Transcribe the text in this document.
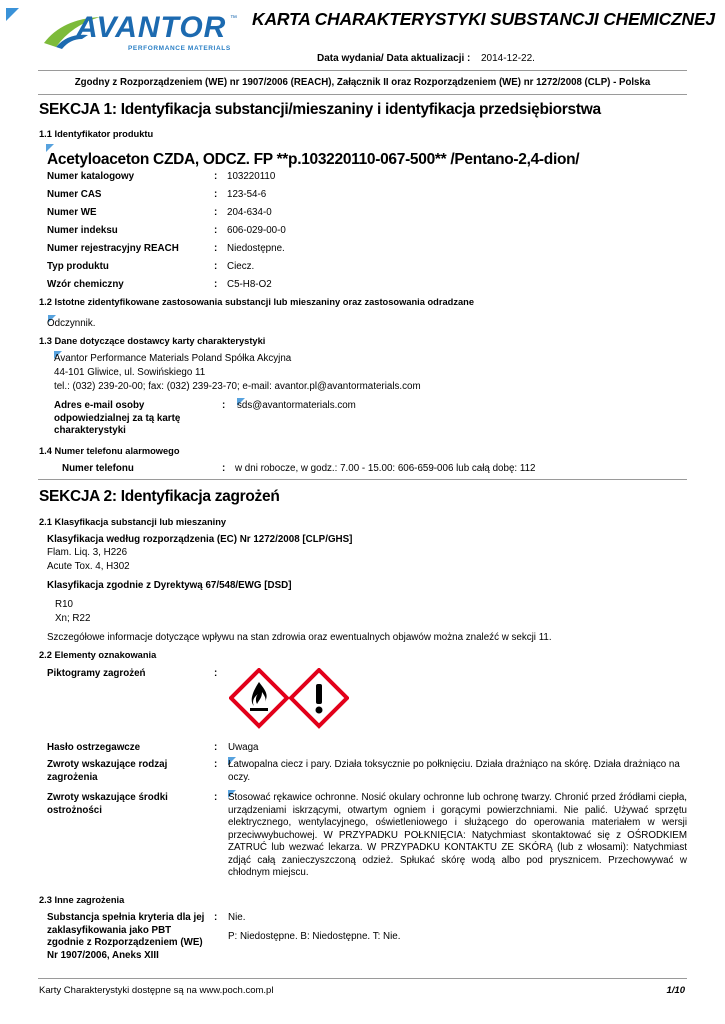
AVANTOR ™
PERFORMANCE MATERIALS
KARTA CHARAKTERYSTYKI SUBSTANCJI CHEMICZNEJ
Data wydania/ Data aktualizacji : 2014-12-22.
Zgodny z Rozporządzeniem (WE) nr 1907/2006 (REACH), Załącznik II oraz Rozporządzeniem (WE) nr 1272/2008 (CLP) - Polska
SEKCJA 1: Identyfikacja substancji/mieszaniny i identyfikacja przedsiębiorstwa
1.1 Identyfikator produktu
Acetyloaceton CZDA, ODCZ. FP **p.103220110-067-500** /Pentano-2,4-dion/
Numer katalogowy	: 103220110
Numer CAS	: 123-54-6
Numer WE	: 204-634-0
Numer indeksu	: 606-029-00-0
Numer rejestracyjny REACH	: Niedostępne.
Typ produktu	: Ciecz.
Wzór chemiczny	: C5-H8-O2
1.2 Istotne zidentyfikowane zastosowania substancji lub mieszaniny oraz zastosowania odradzane
Odczynnik.
1.3 Dane dotyczące dostawcy karty charakterystyki
Avantor Performance Materials Poland Spółka Akcyjna
44-101 Gliwice, ul. Sowińskiego 11
tel.: (032) 239-20-00; fax: (032) 239-23-70; e-mail: avantor.pl@avantormaterials.com
Adres e-mail osoby odpowiedzialnej za tą kartę charakterystyki
: sds@avantormaterials.com
1.4 Numer telefonu alarmowego
Numer telefonu	: w dni robocze, w godz.: 7.00 - 15.00: 606-659-006 lub całą dobę: 112
SEKCJA 2: Identyfikacja zagrożeń
2.1 Klasyfikacja substancji lub mieszaniny
Klasyfikacja według rozporządzenia (EC) Nr 1272/2008 [CLP/GHS]
Flam. Liq. 3, H226
Acute Tox. 4, H302
Klasyfikacja zgodnie z Dyrektywą 67/548/EWG [DSD]
R10
Xn; R22
Szczegółowe informacje dotyczące wpływu na stan zdrowia oraz ewentualnych objawów można znaleźć w sekcji 11.
2.2 Elementy oznakowania
Piktogramy zagrożeń	:
Hasło ostrzegawcze	: Uwaga
Zwroty wskazujące rodzaj zagrożenia
: Łatwopalna ciecz i pary. Działa toksycznie po połknięciu. Działa drażniąco na skórę. Działa drażniąco na oczy.
Zwroty wskazujące środki ostrożności
: Stosować rękawice ochronne. Nosić okulary ochronne lub ochronę twarzy. Chronić przed źródłami ciepła, urządzeniami iskrzącymi, otwartym ogniem i gorącymi powierzchniami. Nie palić. Używać sprzętu elektrycznego, wentylacyjnego, oświetleniowego i służącego do operowania materiałem w wersji przeciwwybuchowej. W PRZYPADKU POŁKNIĘCIA: Natychmiast skontaktować się z OŚRODKIEM ZATRUĆ lub wezwać lekarza. W PRZYPADKU KONTAKTU ZE SKÓRĄ (lub z włosami): Natychmiast zdjąć całą zanieczyszczoną odzież. Spłukać skórę wodą albo pod prysznicem. Przechowywać w chłodnym miejscu.
2.3 Inne zagrożenia
Substancja spełnia kryteria dla jej zaklasyfikowania jako PBT zgodnie z Rozporządzeniem (WE) Nr 1907/2006, Aneks XIII
: Nie.
P: Niedostępne. B: Niedostępne. T: Nie.
Karty Charakterystyki dostępne są na www.poch.com.pl	1/10
